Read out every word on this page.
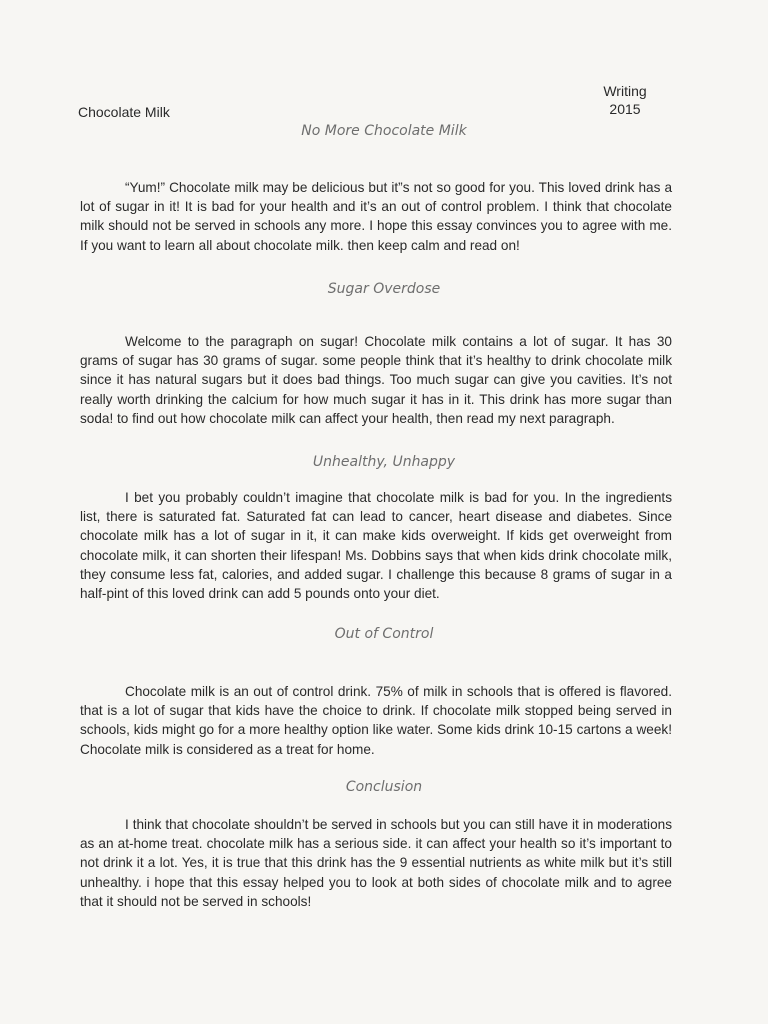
Chocolate Milk
Writing
2015
No More Chocolate Milk

“Yum!” Chocolate milk may be delicious but it”s not so good for you. This loved drink has a lot of sugar in it! It is bad for your health and it’s an out of control problem. I think that chocolate milk should not be served in schools any more. I hope this essay convinces you to agree with me. If you want to learn all about chocolate milk. then keep calm and read on!

Sugar Overdose

Welcome to the paragraph on sugar! Chocolate milk contains a lot of sugar. It has 30 grams of sugar has 30 grams of sugar. some people think that it’s healthy to drink chocolate milk since it has natural sugars but it does bad things. Too much sugar can give you cavities. It’s not really worth drinking the calcium for how much sugar it has in it. This drink has more sugar than soda! to find out how chocolate milk can affect your health, then read my next paragraph.

Unhealthy, Unhappy

I bet you probably couldn’t imagine that chocolate milk is bad for you. In the ingredients list, there is saturated fat. Saturated fat can lead to cancer, heart disease and diabetes. Since chocolate milk has a lot of sugar in it, it can make kids overweight. If kids get overweight from chocolate milk, it can shorten their lifespan! Ms. Dobbins says that when kids drink chocolate milk, they consume less fat, calories, and added sugar. I challenge this because 8 grams of sugar in a half-pint of this loved drink can add 5 pounds onto your diet.

Out of Control

Chocolate milk is an out of control drink. 75% of milk in schools that is offered is flavored. that is a lot of sugar that kids have the choice to drink. If chocolate milk stopped being served in schools, kids might go for a more healthy option like water. Some kids drink 10-15 cartons a week! Chocolate milk is considered as a treat for home.

Conclusion

I think that chocolate shouldn’t be served in schools but you can still have it in moderations as an at-home treat. chocolate milk has a serious side. it can affect your health so it’s important to not drink it a lot. Yes, it is true that this drink has the 9 essential nutrients as white milk but it’s still unhealthy. i hope that this essay helped you to look at both sides of chocolate milk and to agree that it should not be served in schools!
